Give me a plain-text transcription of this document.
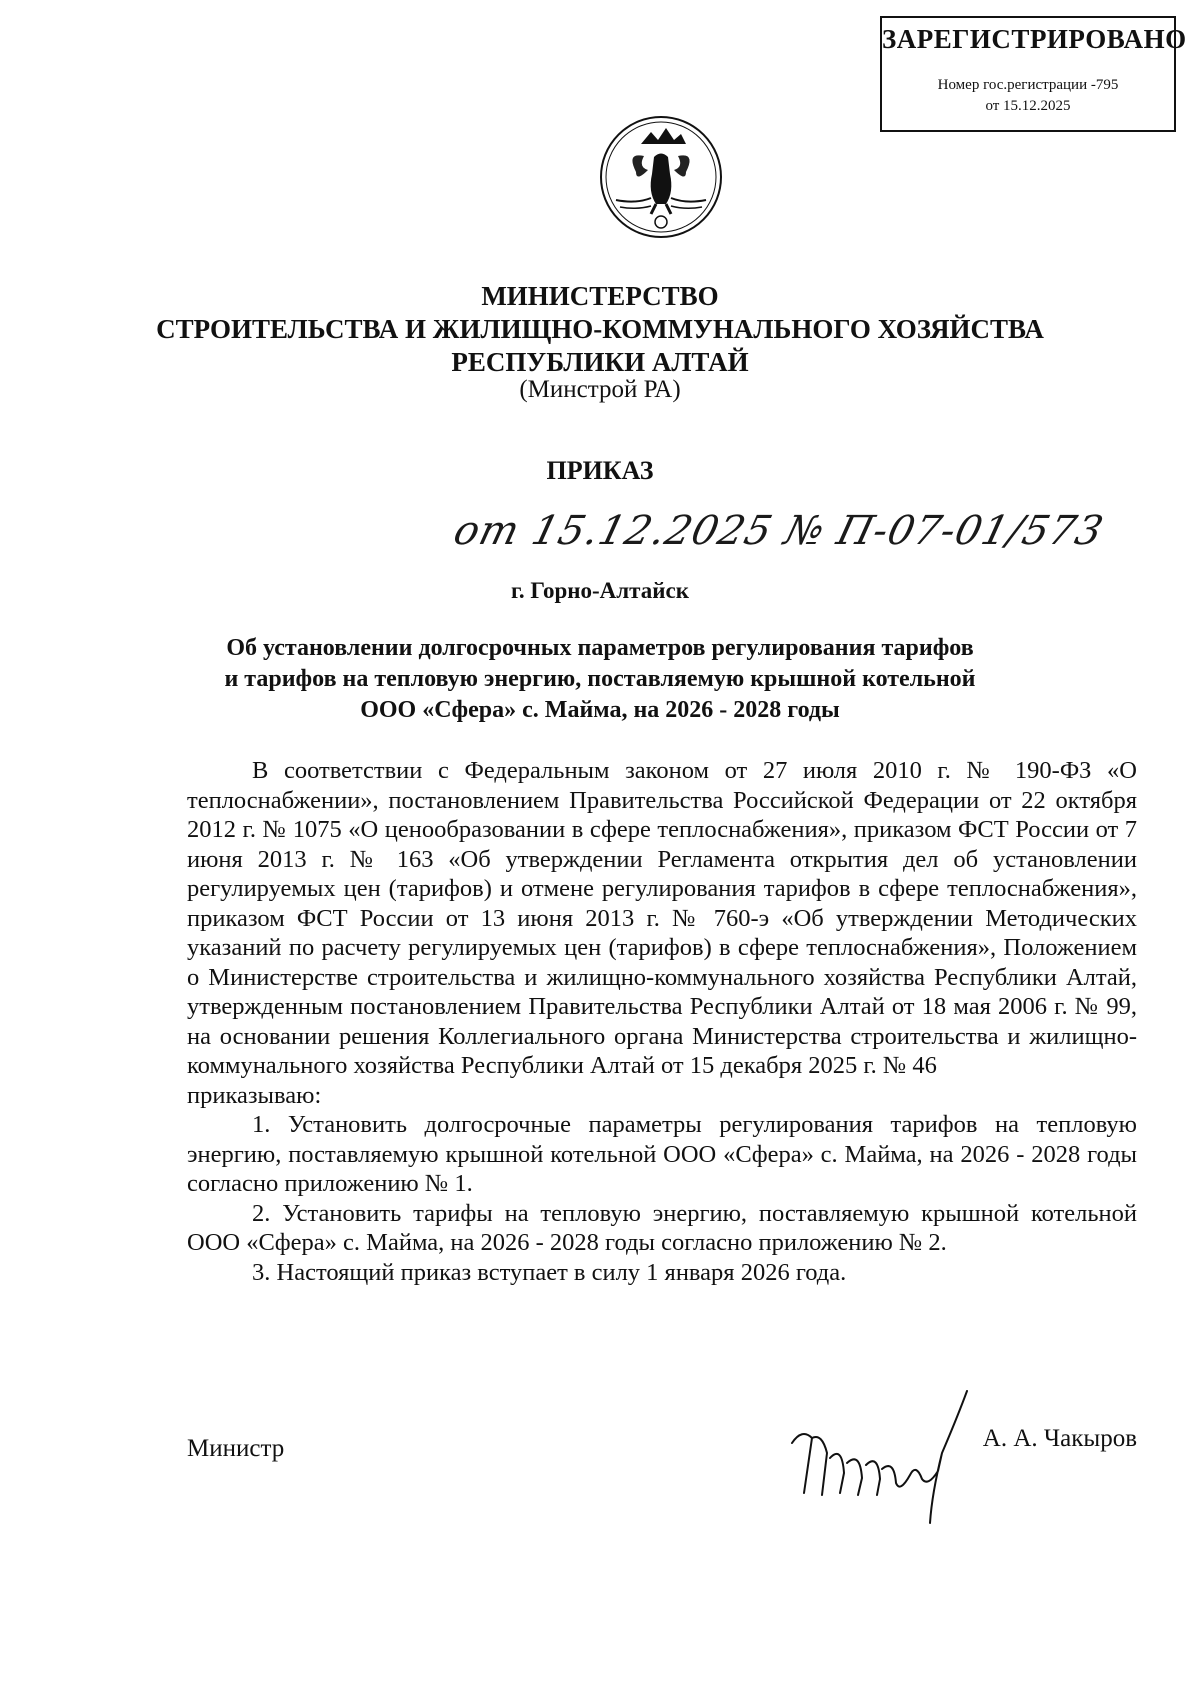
ЗАРЕГИСТРИРОВАНО
Номер гос.регистрации -795
от 15.12.2025
МИНИСТЕРСТВО
СТРОИТЕЛЬСТВА И ЖИЛИЩНО-КОММУНАЛЬНОГО ХОЗЯЙСТВА
РЕСПУБЛИКИ АЛТАЙ
(Минстрой РА)
ПРИКАЗ
от 15.12.2025 № П-07-01/573
г. Горно-Алтайск
Об установлении долгосрочных параметров регулирования тарифов
и тарифов на тепловую энергию, поставляемую крышной котельной
ООО «Сфера» с. Майма, на 2026 - 2028 годы

В соответствии с Федеральным законом от 27 июля 2010 г. № 190-ФЗ «О теплоснабжении», постановлением Правительства Российской Федерации от 22 октября 2012 г. № 1075 «О ценообразовании в сфере теплоснабжения», приказом ФСТ России от 7 июня 2013 г. № 163 «Об утверждении Регламента открытия дел об установлении регулируемых цен (тарифов) и отмене регулирования тарифов в сфере теплоснабжения», приказом ФСТ России от 13 июня 2013 г. № 760-э «Об утверждении Методических указаний по расчету регулируемых цен (тарифов) в сфере теплоснабжения», Положением о Министерстве строительства и жилищно-коммунального хозяйства Республики Алтай, утвержденным постановлением Правительства Республики Алтай от 18 мая 2006 г. № 99, на основании решения Коллегиального органа Министерства строительства и жилищно-коммунального хозяйства Республики Алтай от 15 декабря 2025 г. № 46

приказываю:

1. Установить долгосрочные параметры регулирования тарифов на тепловую энергию, поставляемую крышной котельной ООО «Сфера» с. Майма, на 2026 - 2028 годы согласно приложению № 1.

2. Установить тарифы на тепловую энергию, поставляемую крышной котельной ООО «Сфера» с. Майма, на 2026 - 2028 годы согласно приложению № 2.

3. Настоящий приказ вступает в силу 1 января 2026 года.

Министр	А. А. Чакыров
